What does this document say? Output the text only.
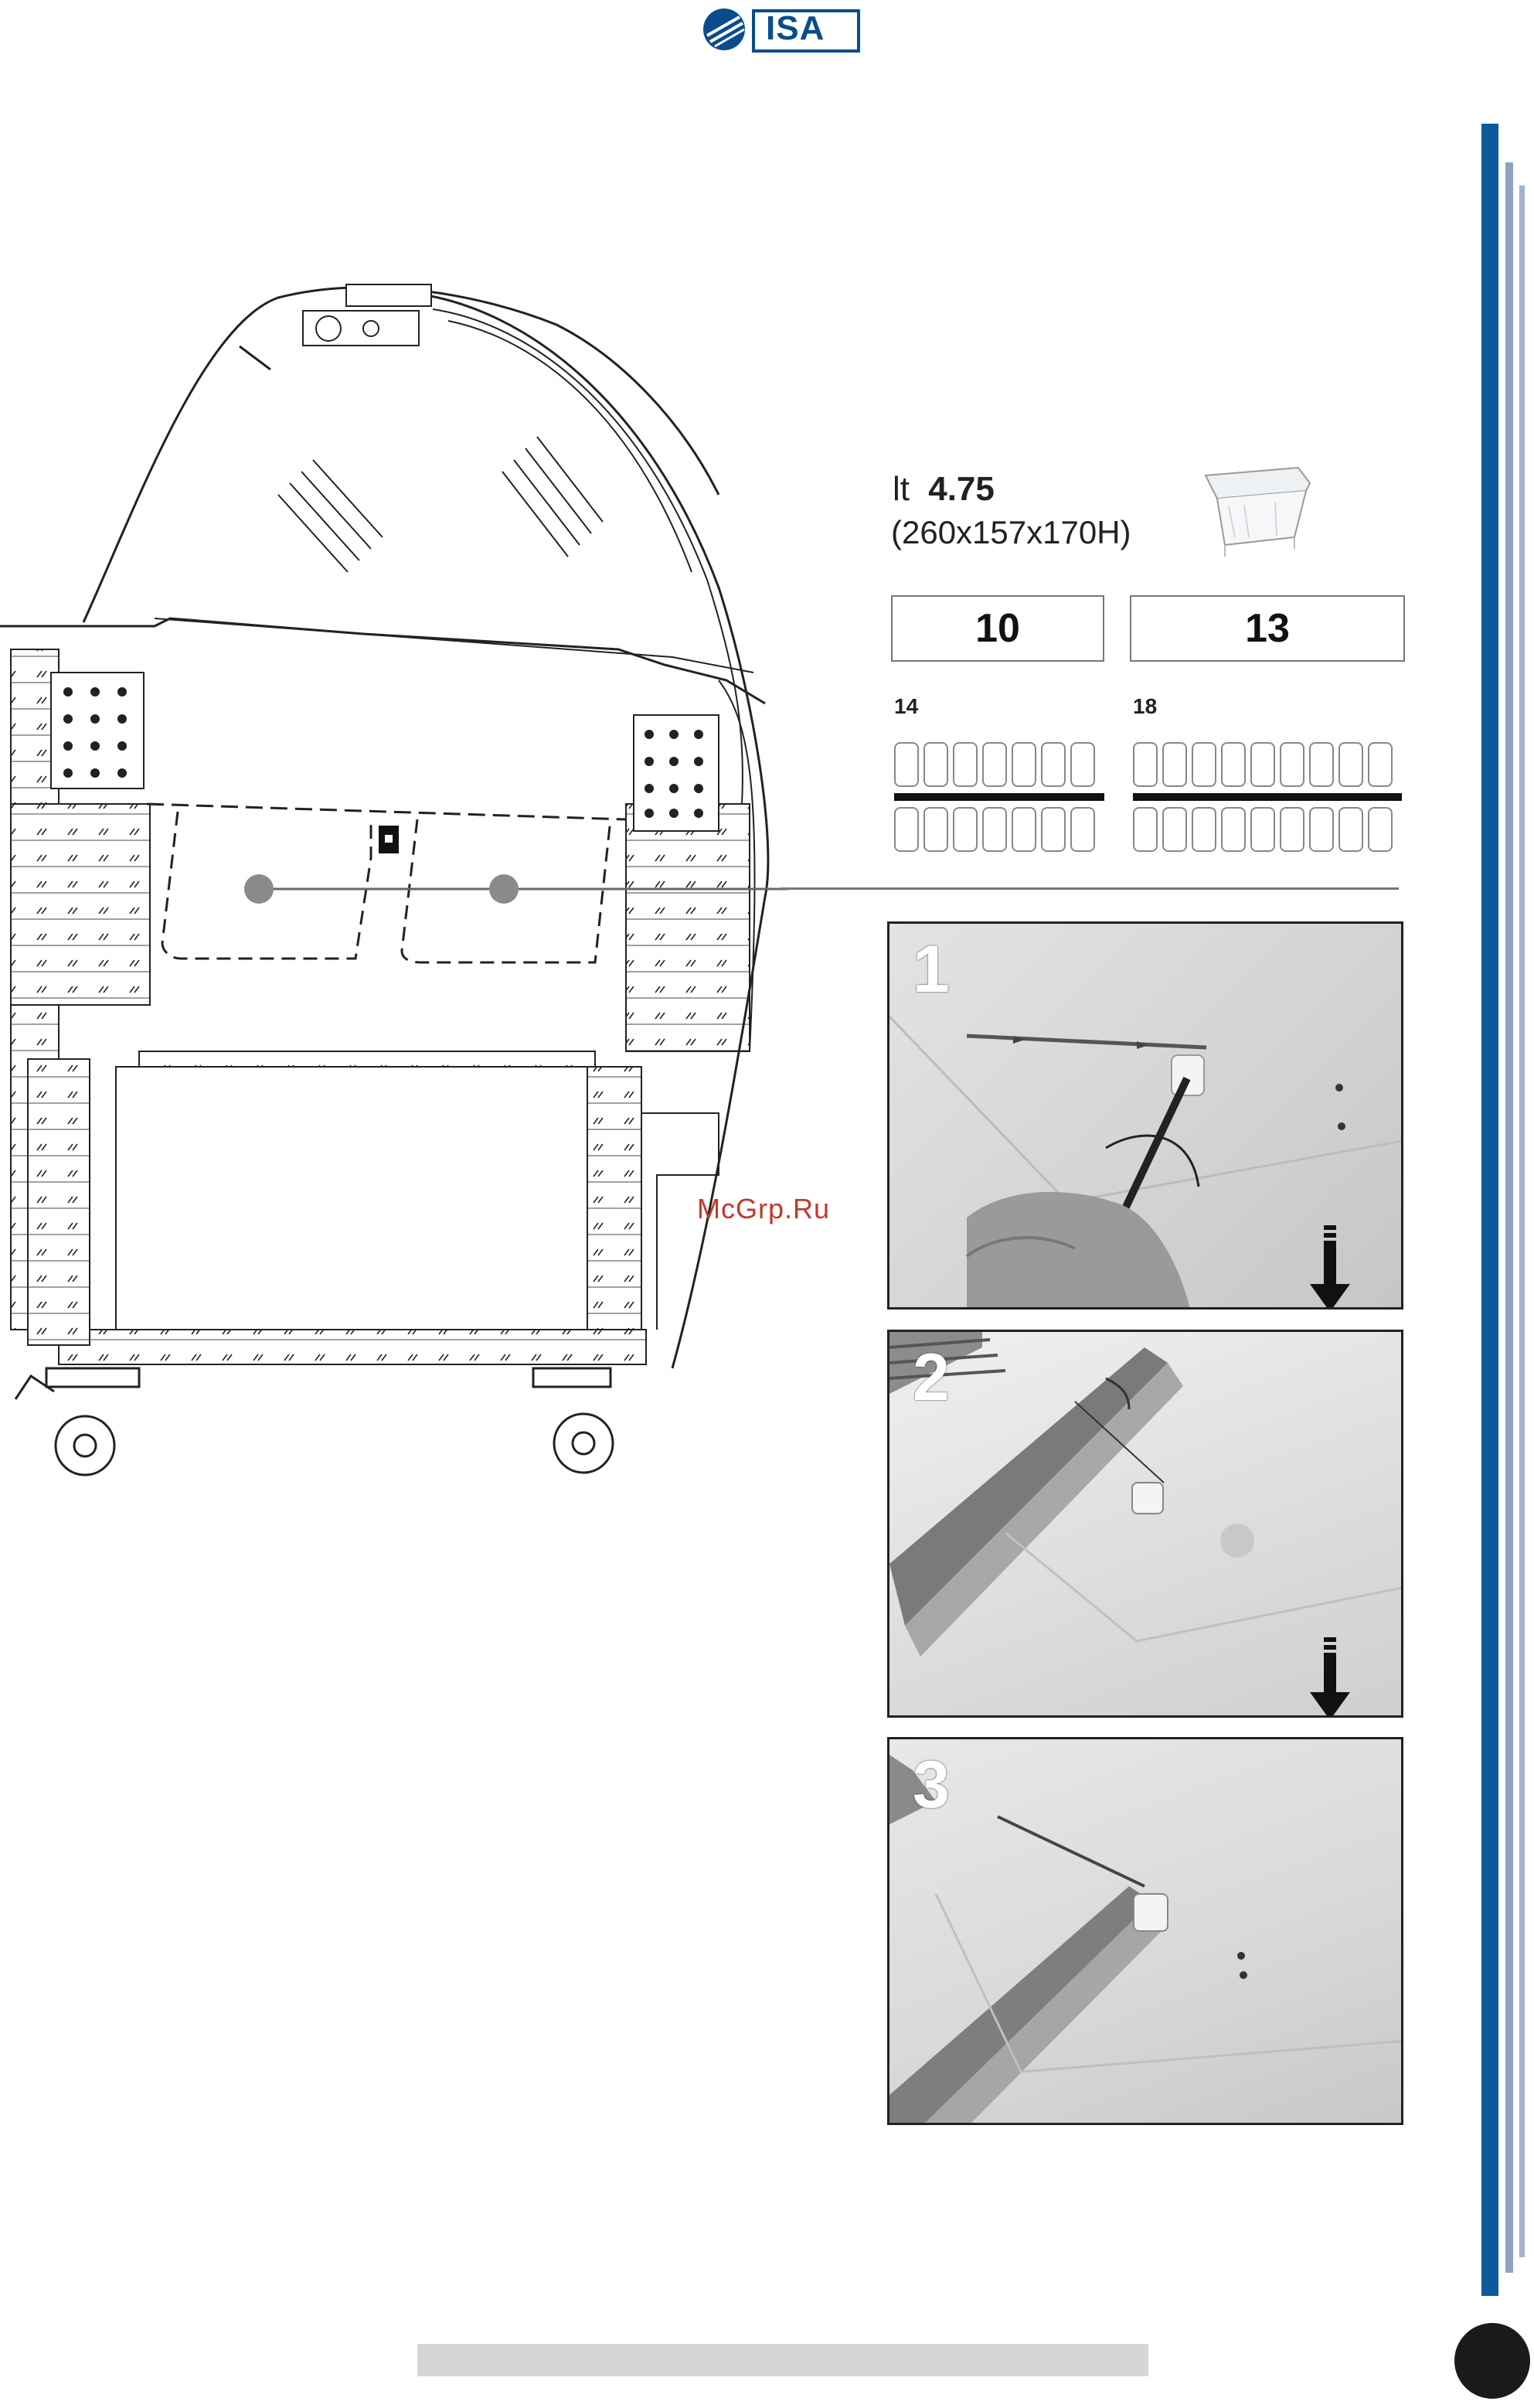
ISA
McGrp.Ru
lt 4.75
(260x157x170H)
10	13
14	18
1
2
3
